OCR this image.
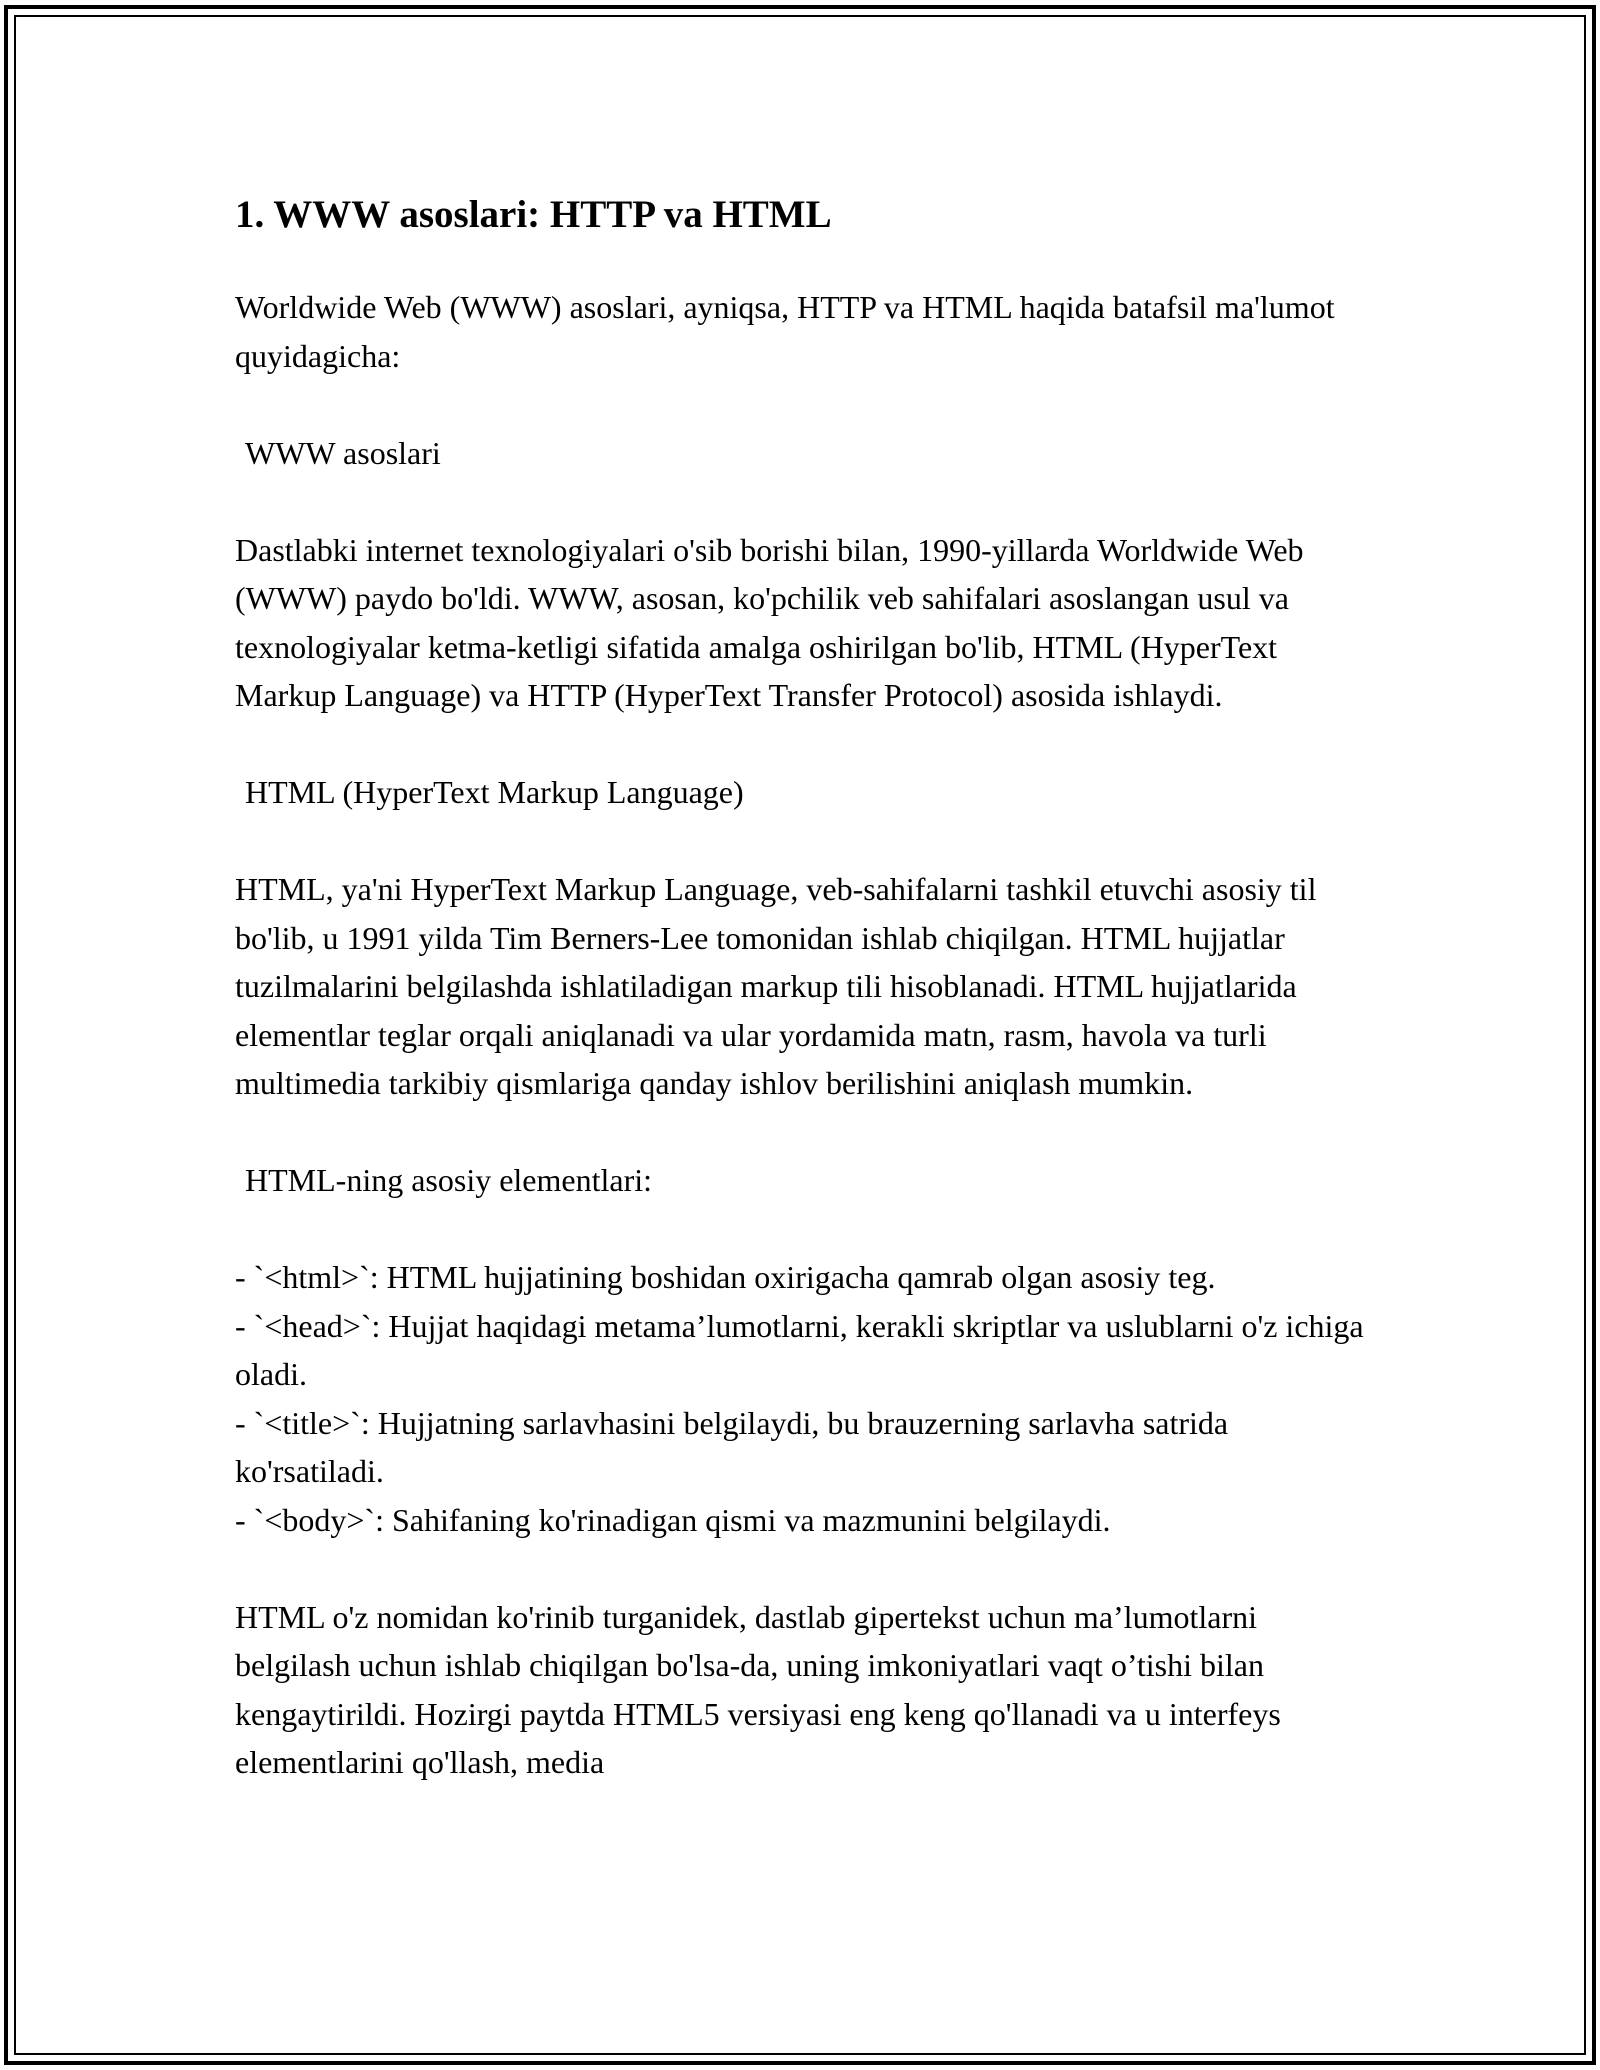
1. WWW asoslari: HTTP va HTML

Worldwide Web (WWW) asoslari, ayniqsa, HTTP va HTML haqida batafsil ma'lumot quyidagicha:

WWW asoslari

Dastlabki internet texnologiyalari o'sib borishi bilan, 1990-yillarda Worldwide Web (WWW) paydo bo'ldi. WWW, asosan, ko'pchilik veb sahifalari asoslangan usul va texnologiyalar ketma-ketligi sifatida amalga oshirilgan bo'lib, HTML (HyperText Markup Language) va HTTP (HyperText Transfer Protocol) asosida ishlaydi.

HTML (HyperText Markup Language)

HTML, ya'ni HyperText Markup Language, veb-sahifalarni tashkil etuvchi asosiy til bo'lib, u 1991 yilda Tim Berners-Lee tomonidan ishlab chiqilgan. HTML hujjatlar tuzilmalarini belgilashda ishlatiladigan markup tili hisoblanadi. HTML hujjatlarida elementlar teglar orqali aniqlanadi va ular yordamida matn, rasm, havola va turli multimedia tarkibiy qismlariga qanday ishlov berilishini aniqlash mumkin.

HTML-ning asosiy elementlari:

- `<html>`: HTML hujjatining boshidan oxirigacha qamrab olgan asosiy teg.

- `<head>`: Hujjat haqidagi metama’lumotlarni, kerakli skriptlar va uslublarni o'z ichiga oladi.

- `<title>`: Hujjatning sarlavhasini belgilaydi, bu brauzerning sarlavha satrida ko'rsatiladi.

- `<body>`: Sahifaning ko'rinadigan qismi va mazmunini belgilaydi.

HTML o'z nomidan ko'rinib turganidek, dastlab gipertekst uchun ma’lumotlarni belgilash uchun ishlab chiqilgan bo'lsa-da, uning imkoniyatlari vaqt o’tishi bilan kengaytirildi. Hozirgi paytda HTML5 versiyasi eng keng qo'llanadi va u interfeys elementlarini qo'llash, media
